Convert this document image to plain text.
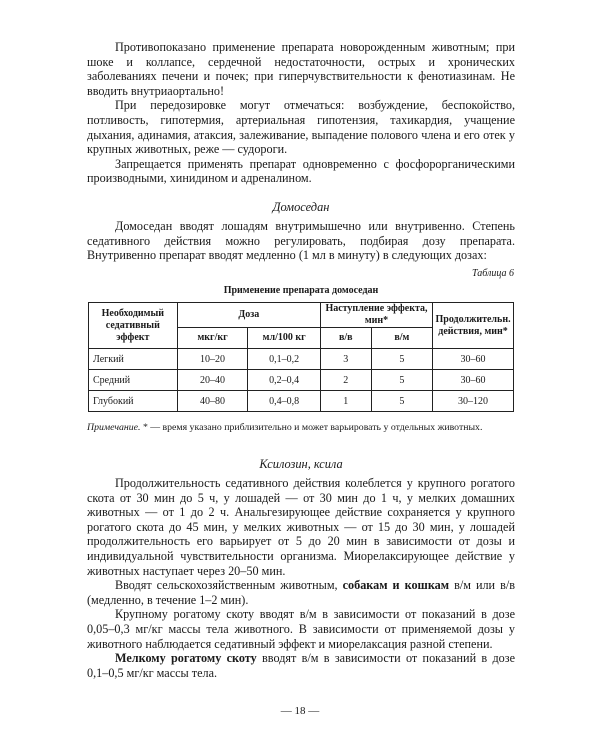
Противопоказано применение препарата новорожденным животным; при шоке и коллапсе, сердечной недостаточности, острых и хронических заболеваниях печени и почек; при гиперчувствительности к фенотиазинам. Не вводить внутриаортально!

При передозировке могут отмечаться: возбуждение, беспокойство, потливость, гипотермия, артериальная гипотензия, тахикардия, учащение дыхания, адинамия, атаксия, залеживание, выпадение полового члена и его отек у крупных животных, реже — судороги.

Запрещается применять препарат одновременно с фосфорорганическими производными, хинидином и адреналином.

Домоседан

Домоседан вводят лошадям внутримышечно или внутривенно. Степень седативного действия можно регулировать, подбирая дозу препарата. Внутривенно препарат вводят медленно (1 мл в минуту) в следующих дозах:

Таблица 6
Применение препарата домоседан
Необходимый седативный эффект	Доза		Наступление эффекта, мин*		Продолжительн. действия, мин*
	мкг/кг	мл/100 кг	в/в	в/м	
Легкий	10–20	0,1–0,2	3	5	30–60
Средний	20–40	0,2–0,4	2	5	30–60
Глубокий	40–80	0,4–0,8	1	5	30–120
Примечание. * — время указано приблизительно и может варьировать у отдельных животных.
Ксилозин, ксила

Продолжительность седативного действия колеблется у крупного рогатого скота от 30 мин до 5 ч, у лошадей — от 30 мин до 1 ч, у мелких домашних животных — от 1 до 2 ч. Анальгезирующее действие сохраняется у крупного рогатого скота до 45 мин, у мелких животных — от 15 до 30 мин, у лошадей продолжительность его варьирует от 5 до 20 мин в зависимости от дозы и индивидуальной чувствительности организма. Миорелаксирующее действие у животных наступает через 20–50 мин.

Вводят сельскохозяйственным животным, собакам и кошкам в/м или в/в (медленно, в течение 1–2 мин).

Крупному рогатому скоту вводят в/м в зависимости от показаний в дозе 0,05–0,3 мг/кг массы тела животного. В зависимости от применяемой дозы у животного наблюдается седативный эффект и миорелаксация разной степени.

Мелкому рогатому скоту вводят в/м в зависимости от показаний в дозе 0,1–0,5 мг/кг массы тела.

— 18 —
